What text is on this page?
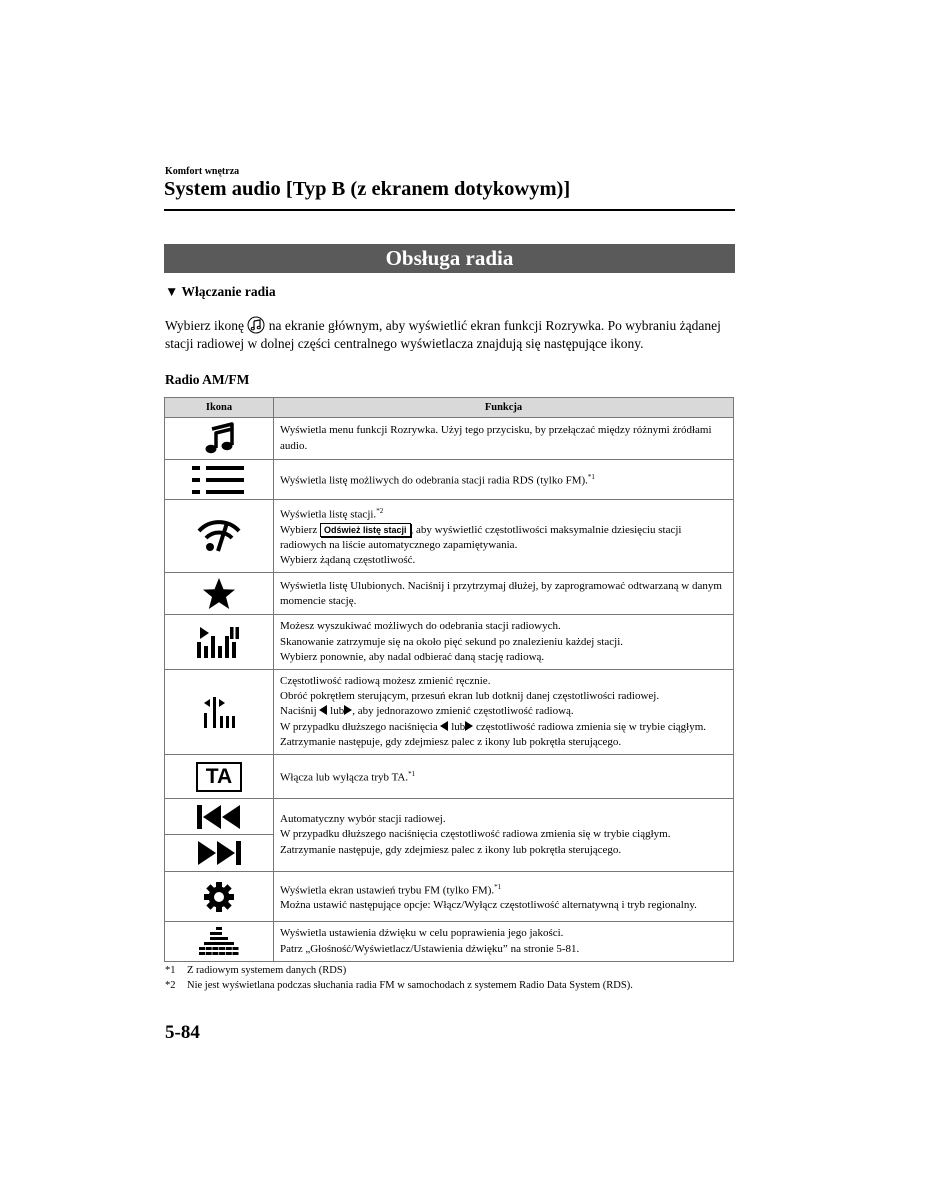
Komfort wnętrza
System audio [Typ B (z ekranem dotykowym)]
Obsługa radia
▼ Włączanie radia
Wybierz ikonę na ekranie głównym, aby wyświetlić ekran funkcji Rozrywka. Po wybraniu żądanej stacji radiowej w dolnej części centralnego wyświetlacza znajdują się następujące ikony.
Radio AM/FM
Ikona	Funkcja

	Wyświetla menu funkcji Rozrywka. Użyj tego przycisku, by przełączać między różnymi źródłami audio.

	Wyświetla listę możliwych do odebrania stacji radia RDS (tylko FM).$^{*1}$

	Wyświetla listę stacji.$^{*2}$
Wybierz Odśwież listę stacji , aby wyświetlić częstotliwości maksymalnie dziesięciu stacji radiowych na liście automatycznego zapamiętywania.
Wybierz żądaną częstotliwość.

	Wyświetla listę Ulubionych. Naciśnij i przytrzymaj dłużej, by zaprogramować odtwarzaną w danym momencie stację.

	Możesz wyszukiwać możliwych do odebrania stacji radiowych.
Skanowanie zatrzymuje się na około pięć sekund po znalezieniu każdej stacji.
Wybierz ponownie, aby nadal odbierać daną stację radiową.

	Częstotliwość radiową możesz zmienić ręcznie.
Obróć pokrętłem sterującym, przesuń ekran lub dotknij danej częstotliwości radiowej.
Naciśnij lub , aby jednorazowo zmienić częstotliwość radiową.
W przypadku dłuższego naciśnięcia lub częstotliwość radiowa zmienia się w trybie ciągłym. Zatrzymanie następuje, gdy zdejmiesz palec z ikony lub pokrętła sterującego.

TA	Włącza lub wyłącza tryb TA.$^{*1}$

	Automatyczny wybór stacji radiowej.
W przypadku dłuższego naciśnięcia częstotliwość radiowa zmienia się w trybie ciągłym.
Zatrzymanie następuje, gdy zdejmiesz palec z ikony lub pokrętła sterującego.

	Wyświetla ekran ustawień trybu FM (tylko FM).$^{*1}$
Można ustawić następujące opcje: Włącz/Wyłącz częstotliwość alternatywną i tryb regionalny.

	Wyświetla ustawienia dźwięku w celu poprawienia jego jakości.
Patrz „Głośność/Wyświetlacz/Ustawienia dźwięku” na stronie 5-81.
*1 Z radiowym systemem danych (RDS)
*2 Nie jest wyświetlana podczas słuchania radia FM w samochodach z systemem Radio Data System (RDS).
5-84
